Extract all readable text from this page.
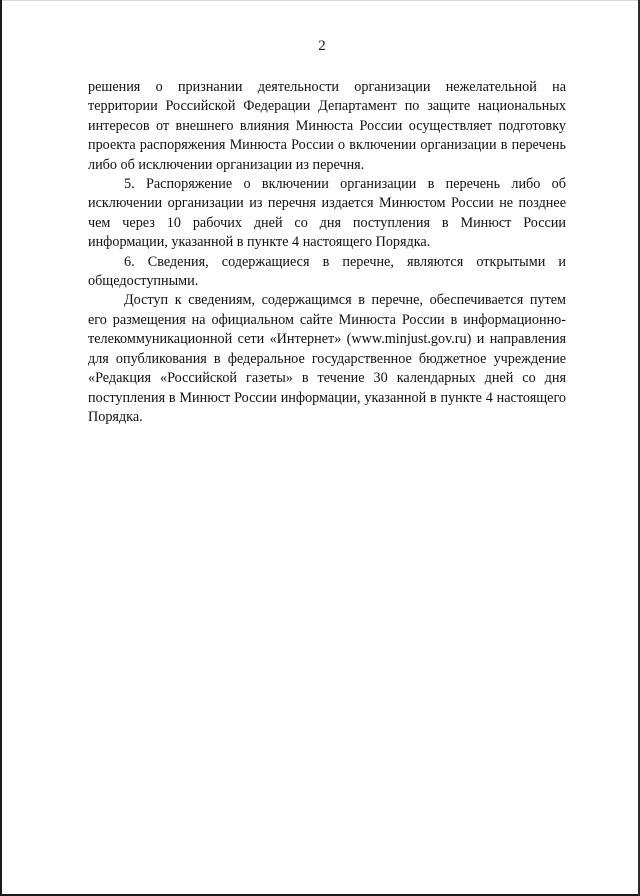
2

решения о признании деятельности организации нежелательной на территории Российской Федерации Департамент по защите национальных интересов от внешнего влияния Минюста России осуществляет подготовку проекта распоряжения Минюста России о включении организации в перечень либо об исключении организации из перечня.

5. Распоряжение о включении организации в перечень либо об исключении организации из перечня издается Минюстом России не позднее чем через 10 рабочих дней со дня поступления в Минюст России информации, указанной в пункте 4 настоящего Порядка.

6. Сведения, содержащиеся в перечне, являются открытыми и общедоступными.

Доступ к сведениям, содержащимся в перечне, обеспечивается путем его размещения на официальном сайте Минюста России в информационно-телекоммуникационной сети «Интернет» (www.minjust.gov.ru) и направления для опубликования в федеральное государственное бюджетное учреждение «Редакция «Российской газеты» в течение 30 календарных дней со дня поступления в Минюст России информации, указанной в пункте 4 настоящего Порядка.
